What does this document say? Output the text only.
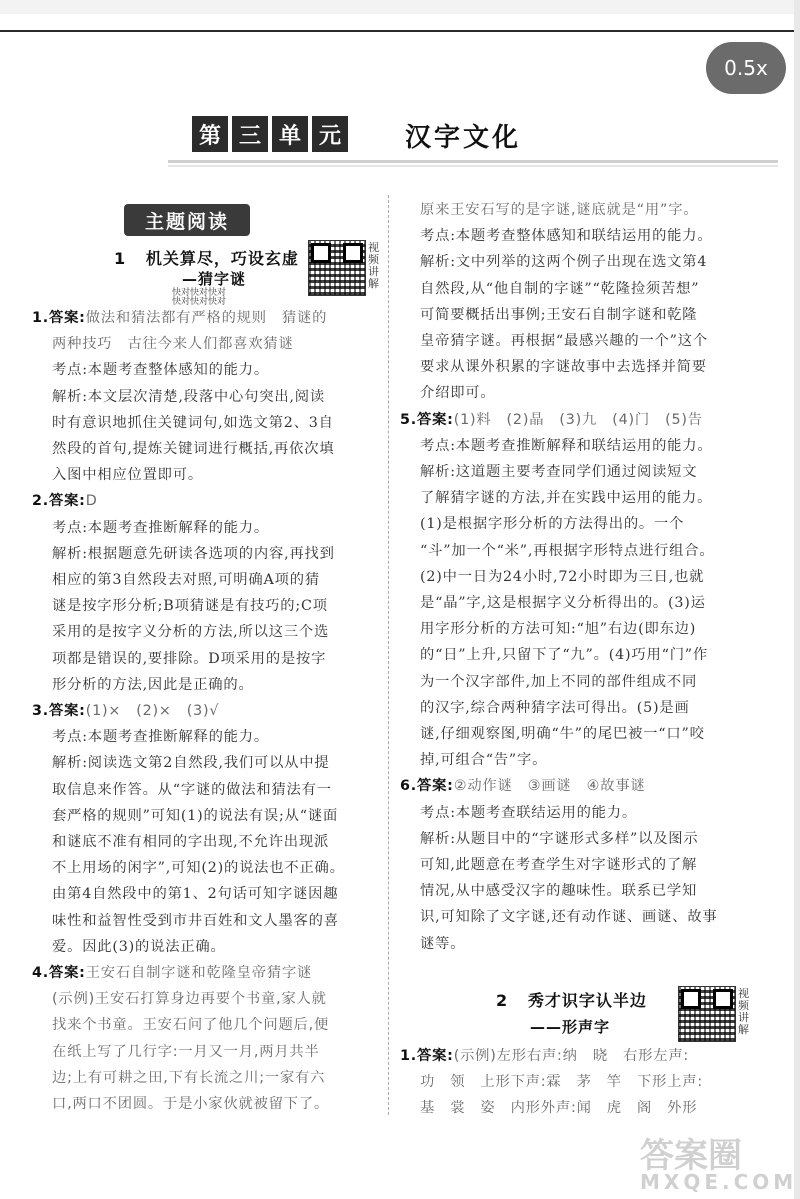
0.5x
第 三 单 元 汉字文化
主题阅读
1 机关算尽，巧设玄虚
—猜字谜
快对快对快对
快对快对快对
视频讲解
1.答案:做法和猜法都有严格的规则　猜谜的
两种技巧　古往今来人们都喜欢猜谜
考点:本题考查整体感知的能力。
解析:本文层次清楚,段落中心句突出,阅读
时有意识地抓住关键词句,如选文第2、3自
然段的首句,提炼关键词进行概括,再依次填
入图中相应位置即可。
2.答案:D
考点:本题考查推断解释的能力。
解析:根据题意先研读各选项的内容,再找到
相应的第3自然段去对照,可明确A项的猜
谜是按字形分析;B项猜谜是有技巧的;C项
采用的是按字义分析的方法,所以这三个选
项都是错误的,要排除。D项采用的是按字
形分析的方法,因此是正确的。
3.答案:(1)×　(2)×　(3)√
考点:本题考查推断解释的能力。
解析:阅读选文第2自然段,我们可以从中提
取信息来作答。从“字谜的做法和猜法有一
套严格的规则”可知(1)的说法有误;从“谜面
和谜底不准有相同的字出现,不允许出现派
不上用场的闲字”,可知(2)的说法也不正确。
由第4自然段中的第1、2句话可知字谜因趣
味性和益智性受到市井百姓和文人墨客的喜
爱。因此(3)的说法正确。
4.答案:王安石自制字谜和乾隆皇帝猜字谜
(示例)王安石打算身边再要个书童,家人就
找来个书童。王安石问了他几个问题后,便
在纸上写了几行字:一月又一月,两月共半
边;上有可耕之田,下有长流之川;一家有六
口,两口不团圆。于是小家伙就被留下了。
原来王安石写的是字谜,谜底就是“用”字。
考点:本题考查整体感知和联结运用的能力。
解析:文中列举的这两个例子出现在选文第4
自然段,从“他自制的字谜”“乾隆捡须苦想”
可简要概括出事例;王安石自制字谜和乾隆
皇帝猜字谜。再根据“最感兴趣的一个”这个
要求从课外积累的字谜故事中去选择并简要
介绍即可。
5.答案:(1)料　(2)晶　(3)九　(4)门　(5)告
考点:本题考查推断解释和联结运用的能力。
解析:这道题主要考查同学们通过阅读短文
了解猜字谜的方法,并在实践中运用的能力。
(1)是根据字形分析的方法得出的。一个
“斗”加一个“米”,再根据字形特点进行组合。
(2)中一日为24小时,72小时即为三日,也就
是“晶”字,这是根据字义分析得出的。(3)运
用字形分析的方法可知:“旭”右边(即东边)
的“日”上升,只留下了“九”。(4)巧用“门”作
为一个汉字部件,加上不同的部件组成不同
的汉字,综合两种猜字法可得出。(5)是画
谜,仔细观察图,明确“牛”的尾巴被一“口”咬
掉,可组合“告”字。
6.答案:②动作谜　③画谜　④故事谜
考点:本题考查联结运用的能力。
解析:从题目中的“字谜形式多样”以及图示
可知,此题意在考查学生对字谜形式的了解
情况,从中感受汉字的趣味性。联系已学知
识,可知除了文字谜,还有动作谜、画谜、故事
谜等。
1.答案:(示例)左形右声:纳　晓　右形左声:
功　领　上形下声:霖　茅　竿　下形上声:
基　裳　姿　内形外声:闻　虎　阁　外形
2 秀才识字认半边
——形声字
视频讲解
答案圈
MXQE.COM
